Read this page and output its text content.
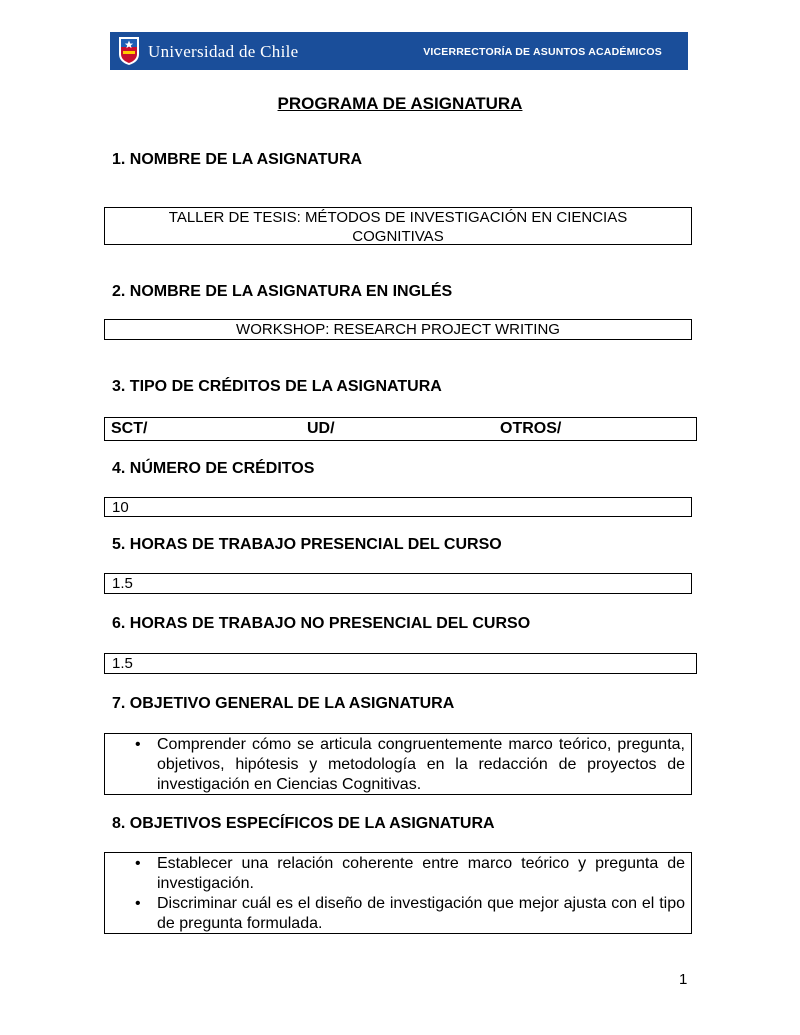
Universidad de Chile	VICERRECTORÍA DE ASUNTOS ACADÉMICOS
PROGRAMA DE ASIGNATURA
1. NOMBRE DE LA ASIGNATURA
TALLER DE TESIS: MÉTODOS DE INVESTIGACIÓN EN CIENCIAS
COGNITIVAS
2. NOMBRE DE LA ASIGNATURA EN INGLÉS
WORKSHOP: RESEARCH PROJECT WRITING
3. TIPO DE CRÉDITOS DE LA ASIGNATURA
SCT/	UD/	OTROS/
4. NÚMERO DE CRÉDITOS
10
5. HORAS DE TRABAJO PRESENCIAL DEL CURSO
1.5
6. HORAS DE TRABAJO NO PRESENCIAL DEL CURSO
1.5
7. OBJETIVO GENERAL DE LA ASIGNATURA
• Comprender cómo se articula congruentemente marco teórico, pregunta, objetivos, hipótesis y metodología en la redacción de proyectos de investigación en Ciencias Cognitivas.
8. OBJETIVOS ESPECÍFICOS DE LA ASIGNATURA
• Establecer una relación coherente entre marco teórico y pregunta de investigación.
• Discriminar cuál es el diseño de investigación que mejor ajusta con el tipo de pregunta formulada.
1
